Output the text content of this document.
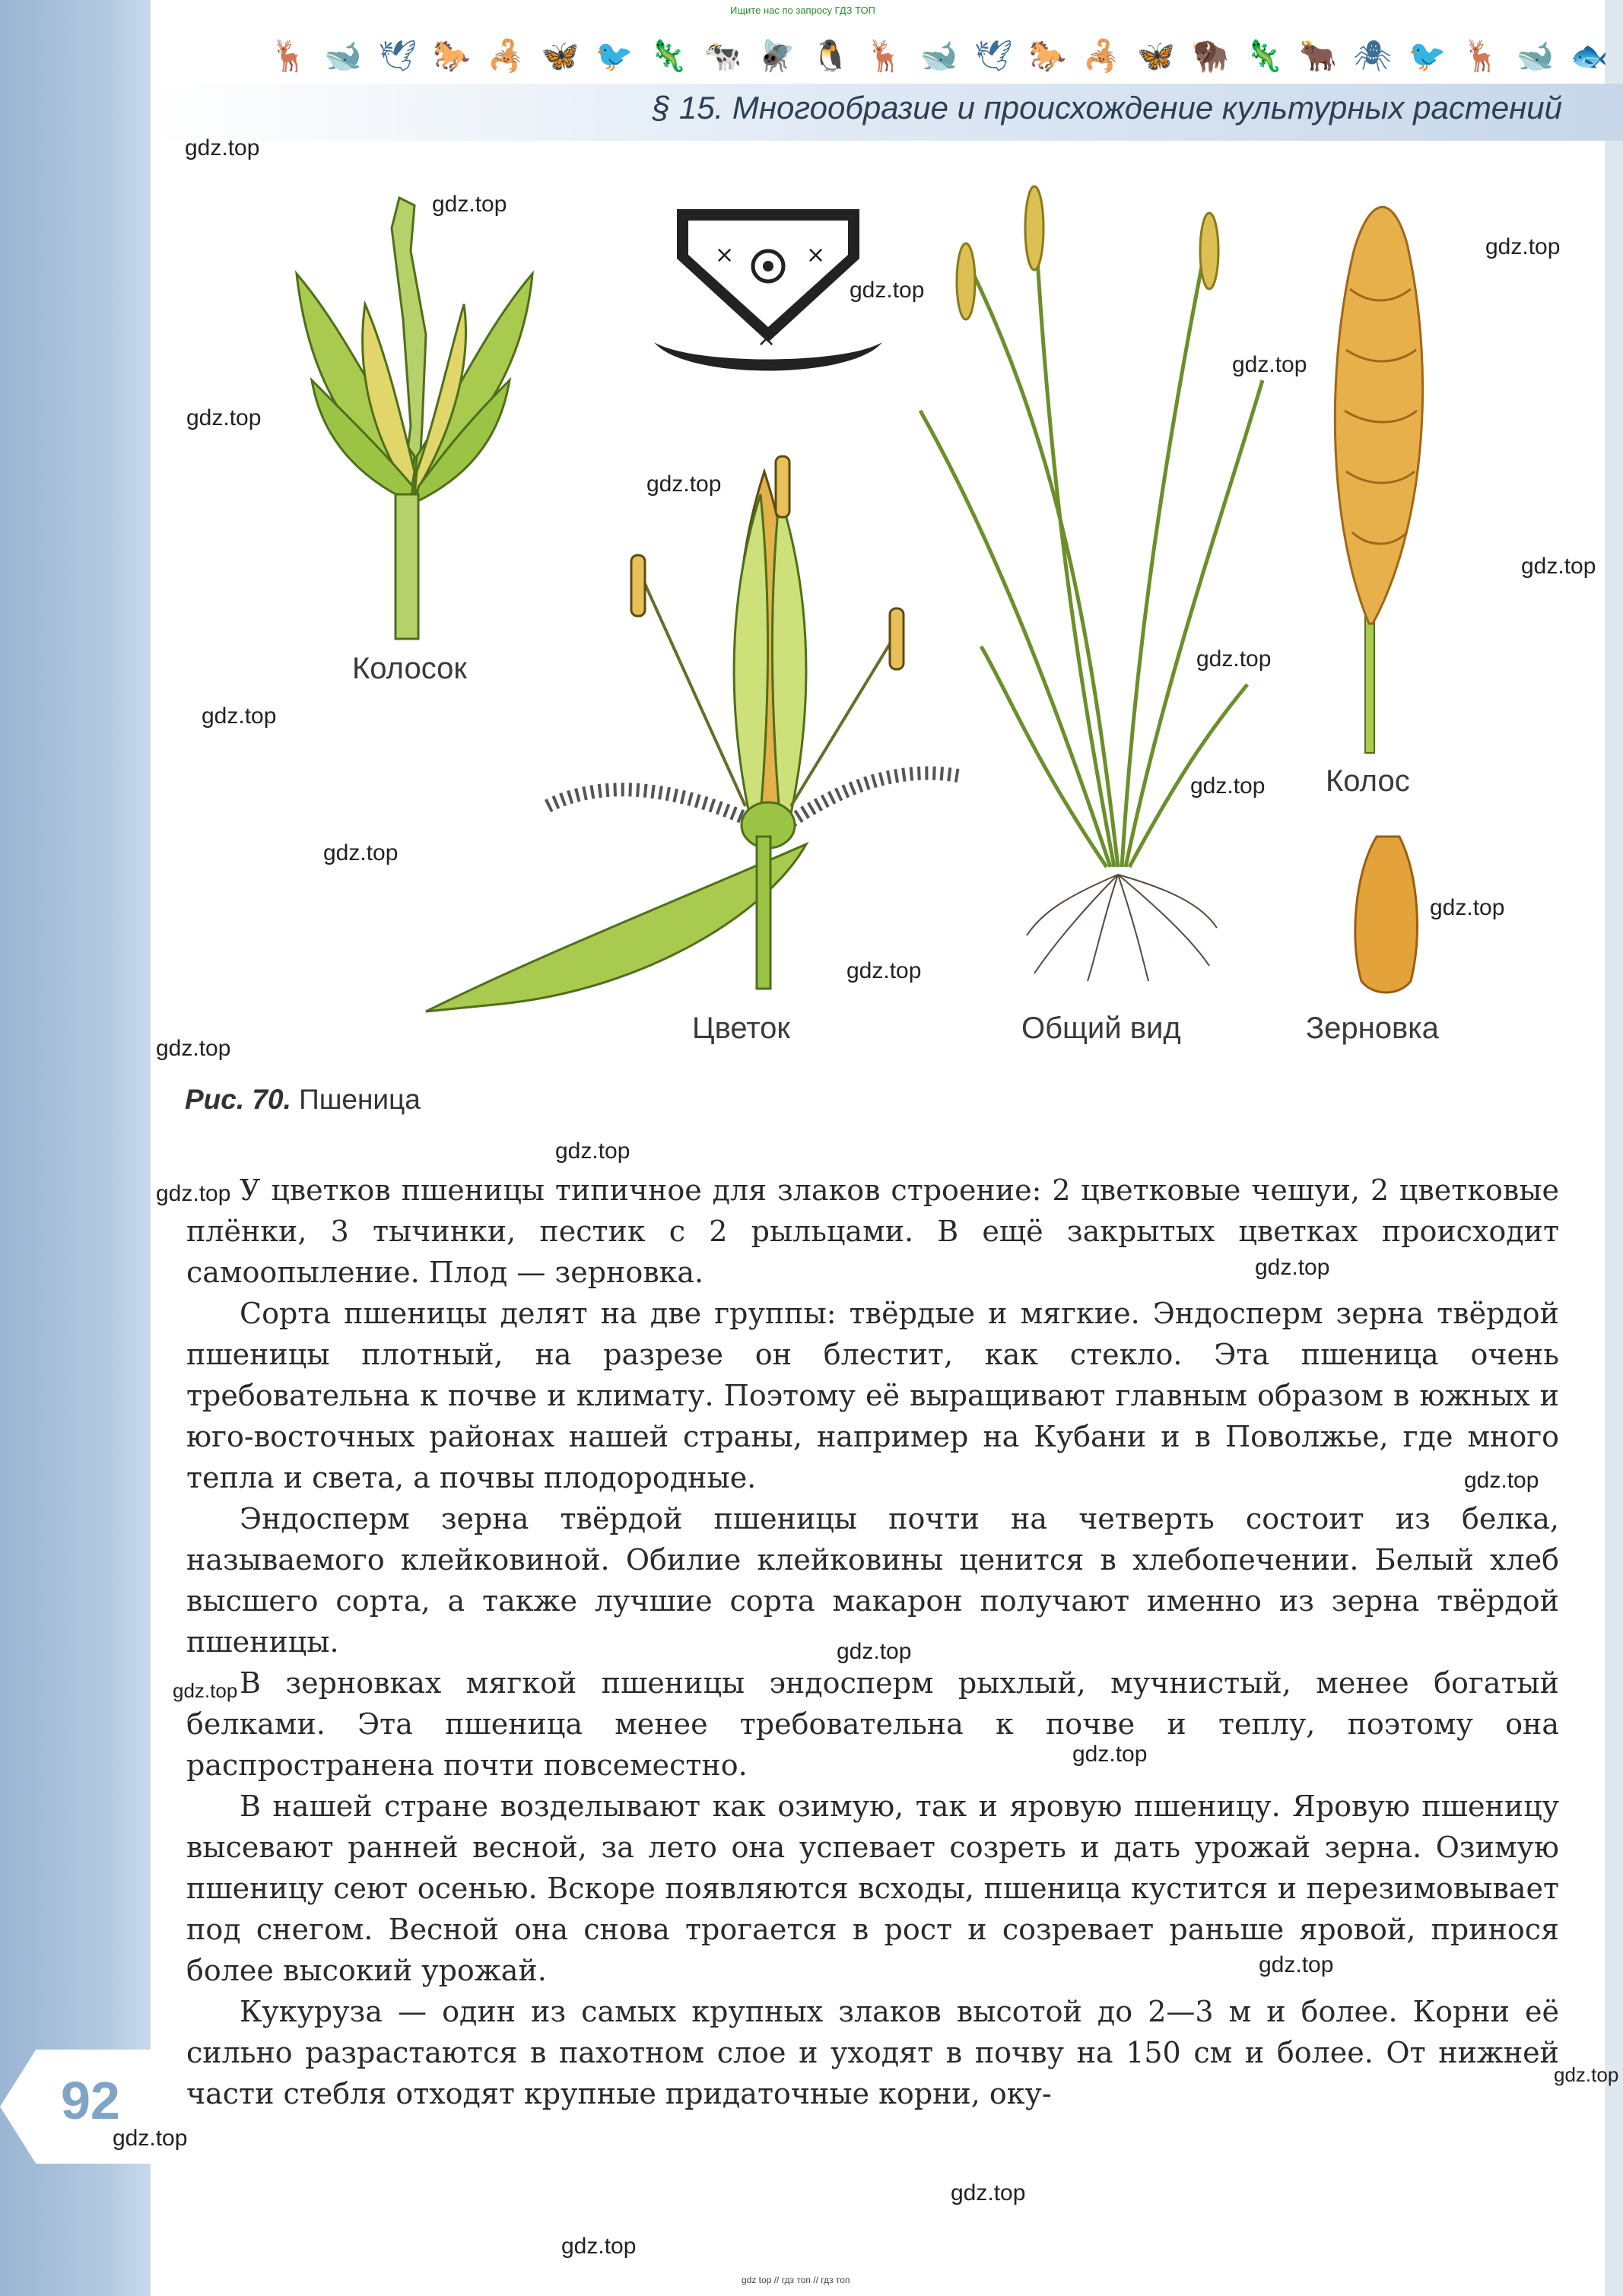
Ищите нас по запросу ГДЗ ТОП
🦌 🐋 🕊 🐎 🦂 🦋 🐦 🦎 🐄 🪰 🐧 🦌 🐋 🕊 🐎 🦂 🦋 🦬 🦎 🐂 🕷 🐦 🦌 🐋 🐟
§ 15. Многообразие и происхождение культурных растений
×	×
×
Колосок
Цветок	Общий вид
Колос
Зерновка
Рис. 70. Пшеница

У цветков пшеницы типичное для злаков строение: 2 цветковые чешуи, 2 цветковые плёнки, 3 тычинки, пестик с 2 рыльцами. В ещё закрытых цветках происходит самоопыление. Плод — зерновка.

Сорта пшеницы делят на две группы: твёрдые и мягкие. Эндосперм зерна твёрдой пшеницы плотный, на разрезе он блестит, как стекло. Эта пшеница очень требовательна к почве и климату. Поэтому её выращивают главным образом в южных и юго-восточных районах нашей страны, например на Кубани и в Поволжье, где много тепла и света, а почвы плодородные.

Эндосперм зерна твёрдой пшеницы почти на четверть состоит из белка, называемого клейковиной. Обилие клейковины ценится в хлебопечении. Белый хлеб высшего сорта, а также лучшие сорта макарон получают именно из зерна твёрдой пшеницы.

В зерновках мягкой пшеницы эндосперм рыхлый, мучнистый, менее богатый белками. Эта пшеница менее требовательна к почве и теплу, поэтому она распространена почти повсеместно.

В нашей стране возделывают как озимую, так и яровую пшеницу. Яровую пшеницу высевают ранней весной, за лето она успевает созреть и дать урожай зерна. Озимую пшеницу сеют осенью. Вскоре появляются всходы, пшеница кустится и перезимовывает под снегом. Весной она снова трогается в рост и созревает раньше яровой, принося более высокий урожай.

Кукуруза — один из самых крупных злаков высотой до 2—3 м и более. Корни её сильно разрастаются в пахотном слое и уходят в почву на 150 см и более. От нижней части стебля отходят крупные придаточные корни, оку-

92
gdz.top
gdz.top
gdz.top
gdz.top
gdz.top
gdz.top
gdz.top
gdz.top
gdz.top
gdz.top
gdz.top
gdz.top
gdz.top
gdz.top
gdz.top
gdz.top
gdz.top
gdz.top
gdz.top
gdz.top
gdz.top
gdz.top
gdz.top
gdz.top
gdz.top
gdz.top
gdz.top
gdz top // гдз топ // гдз топ
